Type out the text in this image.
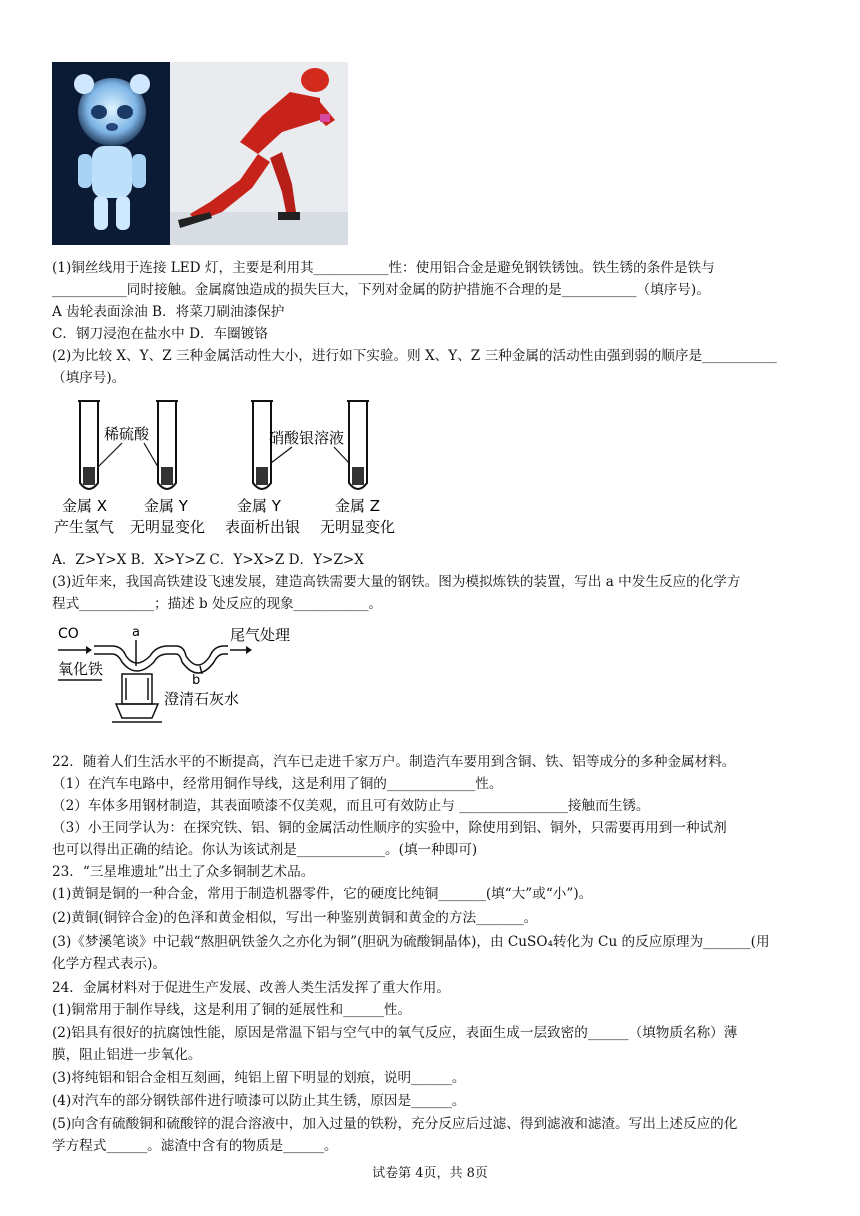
(1)铜丝线用于连接 LED 灯，主要是利用其___________性：使用铝合金是避免钢铁锈蚀。铁生锈的条件是铁与
___________同时接触。金属腐蚀造成的损失巨大，下列对金属的防护措施不合理的是___________（填序号)。
A 齿轮表面涂油 B．将菜刀刷油漆保护
C．钢刀浸泡在盐水中 D．车圈镀铬
(2)为比较 X、Y、Z 三种金属活动性大小，进行如下实验。则 X、Y、Z 三种金属的活动性由强到弱的顺序是___________
（填序号)。
稀硫酸	硝酸银溶液
金属 X
产生氢气
金属 Y
无明显变化
金属 Y
表面析出银
金属 Z
无明显变化
A．Z>Y>X B．X>Y>Z C．Y>X>Z D．Y>Z>X
(3)近年来，我国高铁建设飞速发展，建造高铁需要大量的钢铁。图为模拟炼铁的装置，写出 a 中发生反应的化学方
程式___________；描述 b 处反应的现象___________。
CO	a	尾气处理
氧化铁
b
澄清石灰水
22．随着人们生活水平的不断提高，汽车已走进千家万户。制造汽车要用到含铜、铁、铝等成分的多种金属材料。
（1）在汽车电路中，经常用铜作导线，这是利用了铜的_____________性。
（2）车体多用钢材制造，其表面喷漆不仅美观，而且可有效防止与 ________________接触而生锈。
（3）小王同学认为：在探究铁、铝、铜的金属活动性顺序的实验中，除使用到铝、铜外，只需要再用到一种试剂
也可以得出正确的结论。你认为该试剂是_____________。(填一种即可)
23．“三星堆遗址”出土了众多铜制艺术品。
(1)黄铜是铜的一种合金，常用于制造机器零件，它的硬度比纯铜_______(填“大”或“小”)。
(2)黄铜(铜锌合金)的色泽和黄金相似，写出一种鉴别黄铜和黄金的方法_______。
(3)《梦溪笔谈》中记载“熬胆矾铁釜久之亦化为铜”(胆矾为硫酸铜晶体)，由 CuSO₄转化为 Cu 的反应原理为_______(用
化学方程式表示)。
24．金属材料对于促进生产发展、改善人类生活发挥了重大作用。
(1)铜常用于制作导线，这是利用了铜的延展性和______性。
(2)铝具有很好的抗腐蚀性能，原因是常温下铝与空气中的氧气反应，表面生成一层致密的______（填物质名称）薄
膜，阻止铝进一步氧化。
(3)将纯铝和铝合金相互刻画，纯铝上留下明显的划痕，说明______。
(4)对汽车的部分钢铁部件进行喷漆可以防止其生锈，原因是______。
(5)向含有硫酸铜和硫酸锌的混合溶液中，加入过量的铁粉，充分反应后过滤、得到滤液和滤渣。写出上述反应的化
学方程式______。滤渣中含有的物质是______。
试卷第 4页，共 8页
